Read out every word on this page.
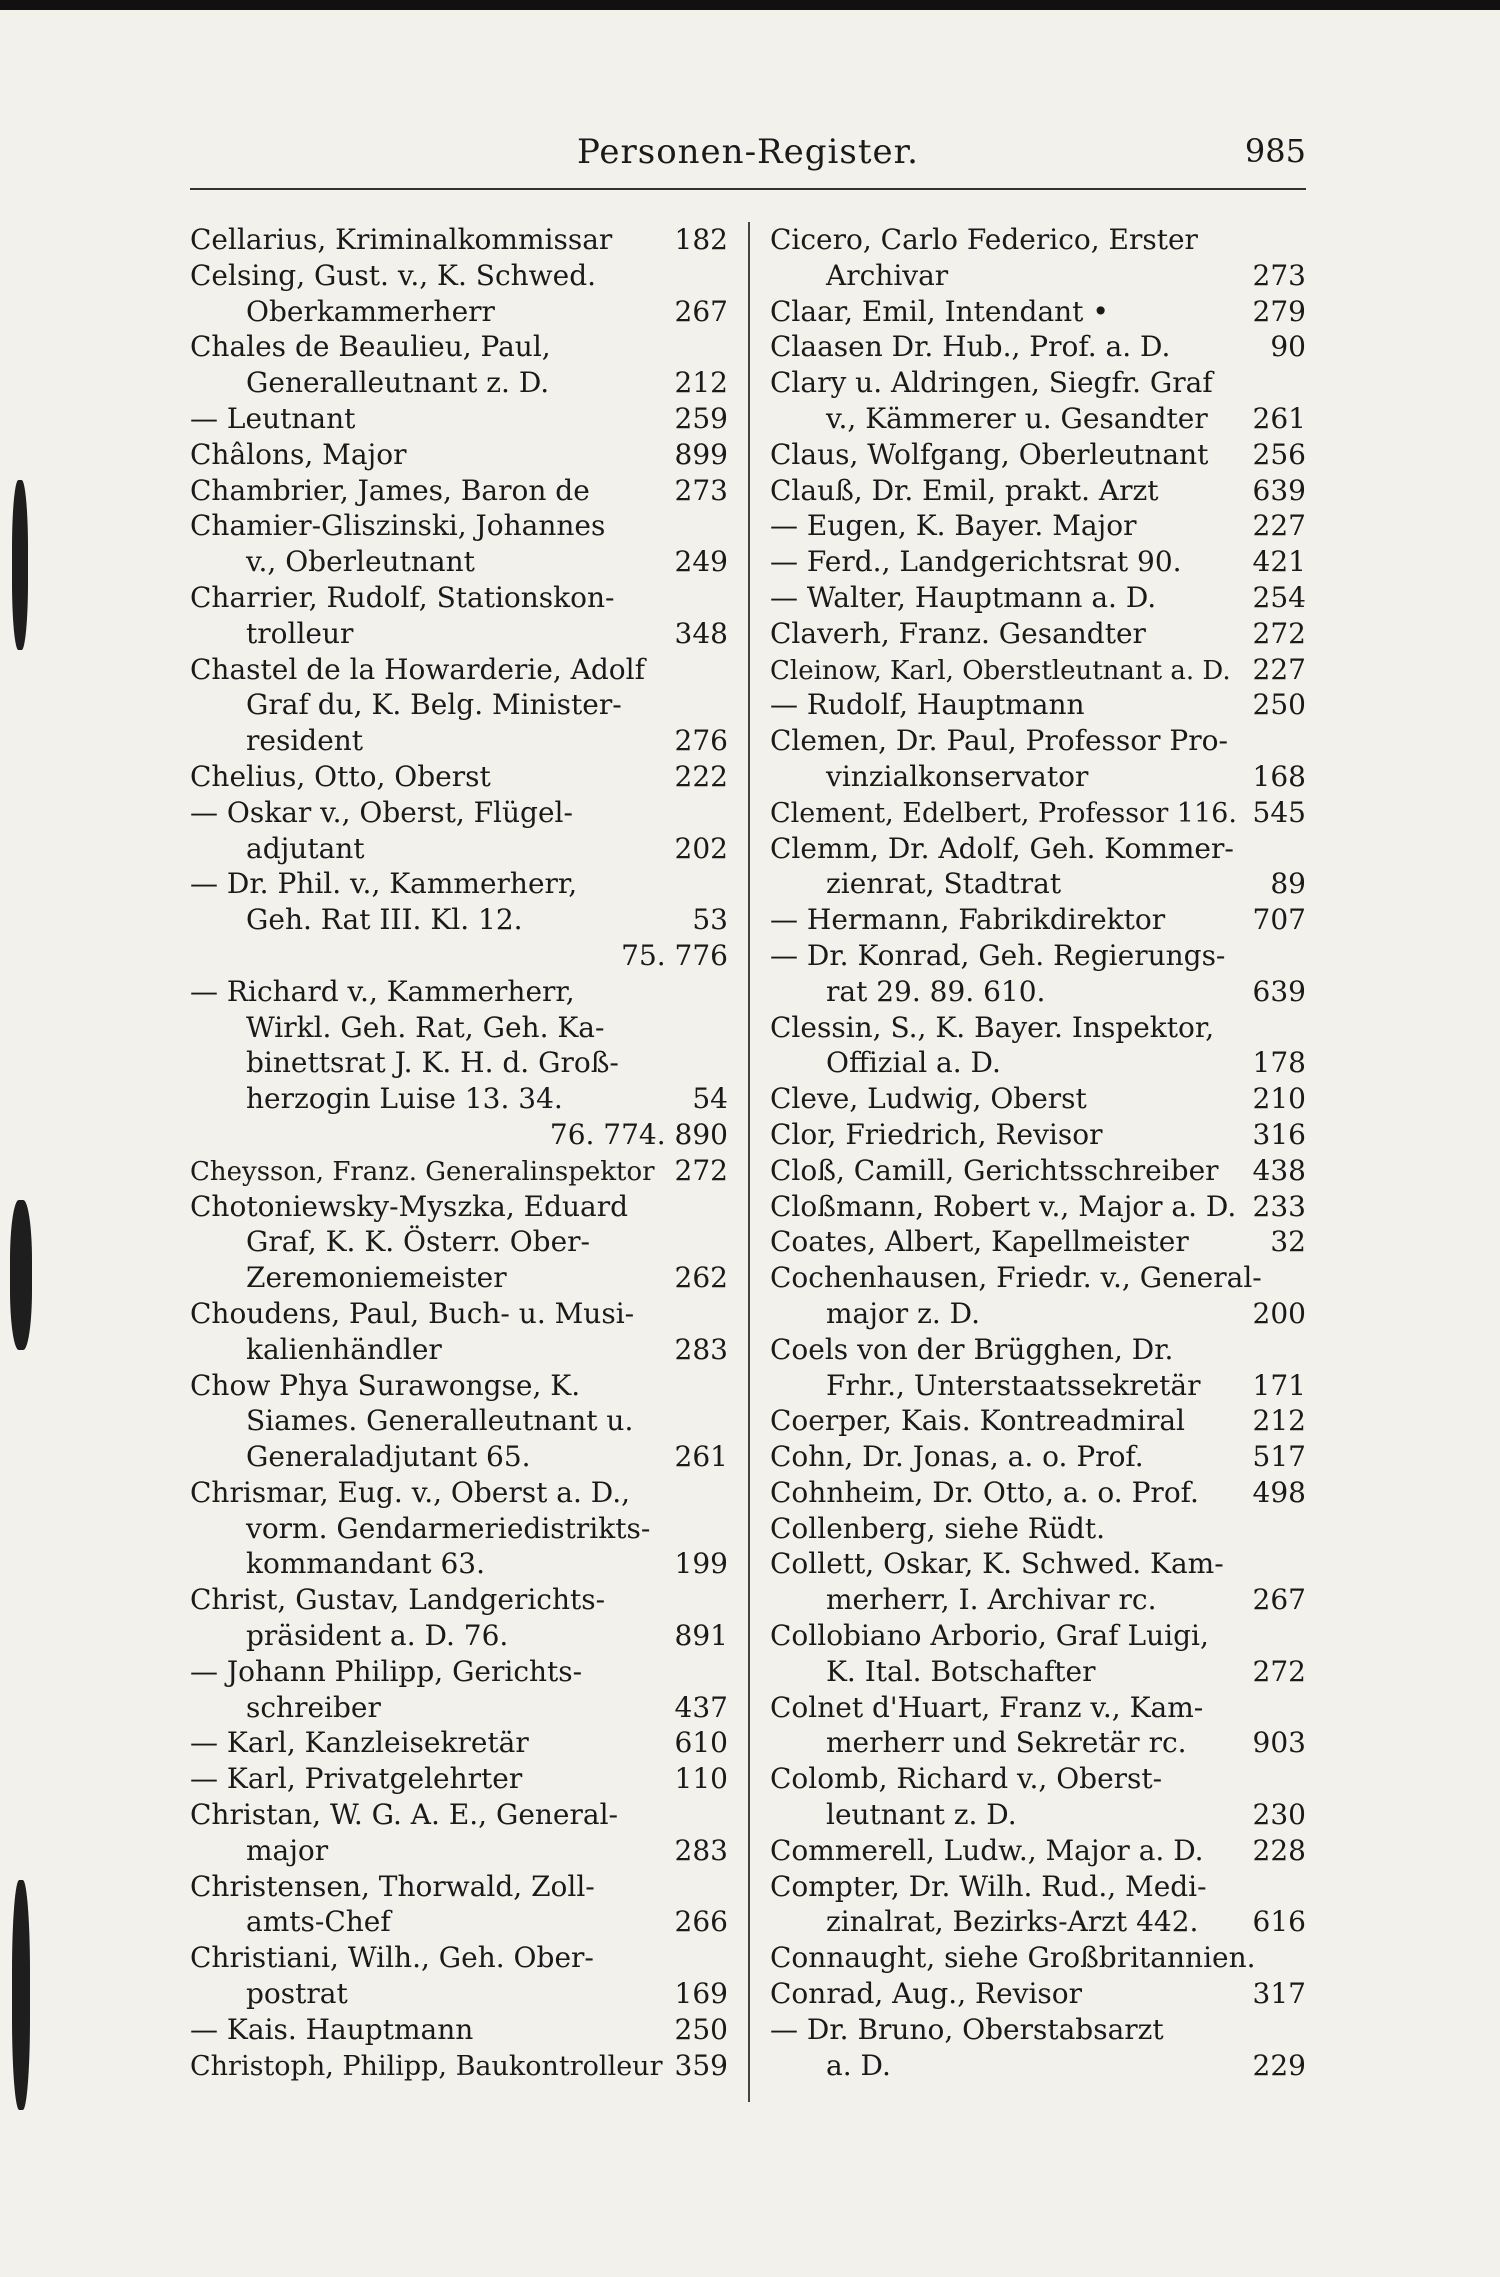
Personen-Register.	985
Cellarius, Kriminalkommissar 182
Celsing, Gust. v., K. Schwed.
Oberkammerherr	267
Chales de Beaulieu, Paul,
Generalleutnant z. D.	212
— Leutnant	259
Châlons, Major	899
Chambrier, James, Baron de	273
Chamier-Gliszinski, Johannes
v., Oberleutnant	249
Charrier, Rudolf, Stationskon-
trolleur	348
Chastel de la Howarderie, Adolf
Graf du, K. Belg. Minister-
resident	276
Chelius, Otto, Oberst	222
— Oskar v., Oberst, Flügel-
adjutant	202
— Dr. Phil. v., Kammerherr,
Geh. Rat III. Kl. 12.	53
75. 776
— Richard v., Kammerherr,
Wirkl. Geh. Rat, Geh. Ka-
binettsrat J. K. H. d. Groß-
herzogin Luise 13. 34.	54
76. 774. 890
Cheysson, Franz. Generalinspektor 272
Chotoniewsky-Myszka, Eduard
Graf, K. K. Österr. Ober-
Zeremoniemeister	262
Choudens, Paul, Buch- u. Musi-
kalienhändler	283
Chow Phya Surawongse, K.
Siames. Generalleutnant u.
Generaladjutant 65.	261
Chrismar, Eug. v., Oberst a. D.,
vorm. Gendarmeriedistrikts-
kommandant 63.	199
Christ, Gustav, Landgerichts-
präsident a. D. 76.	891
— Johann Philipp, Gerichts-
schreiber	437
— Karl, Kanzleisekretär	610
— Karl, Privatgelehrter	110
Christan, W. G. A. E., General-
major	283
Christensen, Thorwald, Zoll-
amts-Chef	266
Christiani, Wilh., Geh. Ober-
postrat	169
— Kais. Hauptmann	250
Christoph, Philipp, Baukontrolleur 359
Cicero, Carlo Federico, Erster
Archivar	273
Claar, Emil, Intendant •	279
Claasen Dr. Hub., Prof. a. D.	90
Clary u. Aldringen, Siegfr. Graf
v., Kämmerer u. Gesandter 261
Claus, Wolfgang, Oberleutnant 256
Clauß, Dr. Emil, prakt. Arzt	639
— Eugen, K. Bayer. Major	227
— Ferd., Landgerichtsrat 90.	421
— Walter, Hauptmann a. D.	254
Claverh, Franz. Gesandter	272
Cleinow, Karl, Oberstleutnant a. D. 227
— Rudolf, Hauptmann	250
Clemen, Dr. Paul, Professor Pro-
vinzialkonservator	168
Clement, Edelbert, Professor 116. 545
Clemm, Dr. Adolf, Geh. Kommer-
zienrat, Stadtrat	89
— Hermann, Fabrikdirektor	707
— Dr. Konrad, Geh. Regierungs-
rat 29. 89. 610.	639
Clessin, S., K. Bayer. Inspektor,
Offizial a. D.	178
Cleve, Ludwig, Oberst	210
Clor, Friedrich, Revisor	316
Cloß, Camill, Gerichtsschreiber 438
Cloßmann, Robert v., Major a. D. 233
Coates, Albert, Kapellmeister	32
Cochenhausen, Friedr. v., General-
major z. D.	200
Coels von der Brügghen, Dr.
Frhr., Unterstaatssekretär 171
Coerper, Kais. Kontreadmiral 212
Cohn, Dr. Jonas, a. o. Prof.	517
Cohnheim, Dr. Otto, a. o. Prof. 498
Collenberg, siehe Rüdt.
Collett, Oskar, K. Schwed. Kam-
merherr, I. Archivar rc.	267
Collobiano Arborio, Graf Luigi,
K. Ital. Botschafter	272
Colnet d'Huart, Franz v., Kam-
merherr und Sekretär rc. 903
Colomb, Richard v., Oberst-
leutnant z. D.	230
Commerell, Ludw., Major a. D. 228
Compter, Dr. Wilh. Rud., Medi-
zinalrat, Bezirks-Arzt 442. 616
Connaught, siehe Großbritannien.
Conrad, Aug., Revisor	317
— Dr. Bruno, Oberstabsarzt
a. D.	229
